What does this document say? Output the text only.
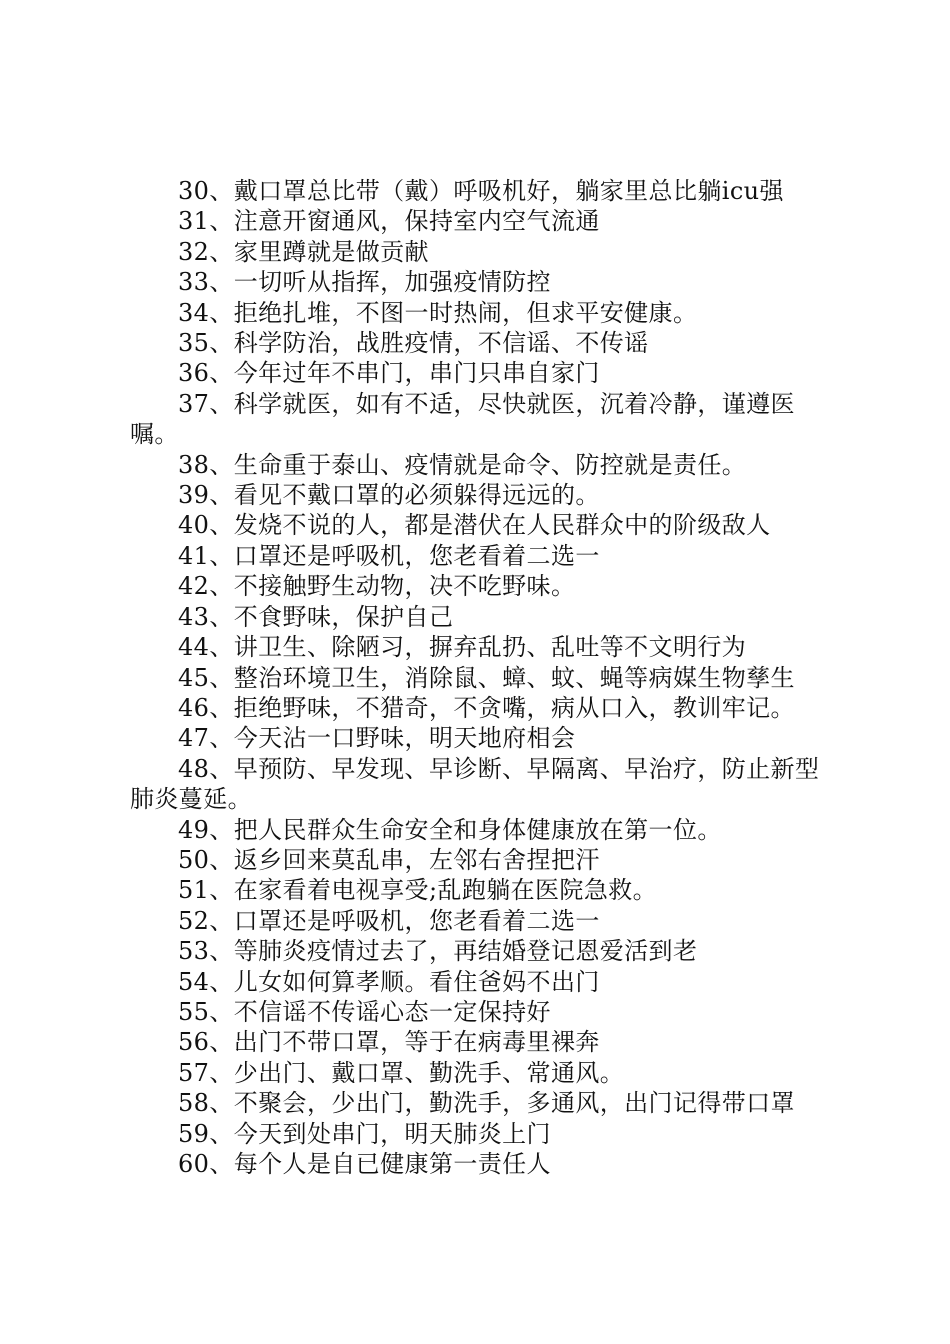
30、戴口罩总比带（戴）呼吸机好，躺家里总比躺icu强

31、注意开窗通风，保持室内空气流通

32、家里蹲就是做贡献

33、一切听从指挥，加强疫情防控

34、拒绝扎堆，不图一时热闹，但求平安健康。

35、科学防治，战胜疫情，不信谣、不传谣

36、今年过年不串门，串门只串自家门

37、科学就医，如有不适，尽快就医，沉着冷静，谨遵医嘱。

38、生命重于泰山、疫情就是命令、防控就是责任。

39、看见不戴口罩的必须躲得远远的。

40、发烧不说的人，都是潜伏在人民群众中的阶级敌人

41、口罩还是呼吸机，您老看着二选一

42、不接触野生动物，决不吃野味。

43、不食野味，保护自己

44、讲卫生、除陋习，摒弃乱扔、乱吐等不文明行为

45、整治环境卫生，消除鼠、蟑、蚊、蝇等病媒生物孳生

46、拒绝野味，不猎奇，不贪嘴，病从口入，教训牢记。

47、今天沾一口野味，明天地府相会

48、早预防、早发现、早诊断、早隔离、早治疗，防止新型肺炎蔓延。

49、把人民群众生命安全和身体健康放在第一位。

50、返乡回来莫乱串，左邻右舍捏把汗

51、在家看着电视享受;乱跑躺在医院急救。

52、口罩还是呼吸机，您老看着二选一

53、等肺炎疫情过去了，再结婚登记恩爱活到老

54、儿女如何算孝顺。看住爸妈不出门

55、不信谣不传谣心态一定保持好

56、出门不带口罩，等于在病毒里裸奔

57、少出门、戴口罩、勤洗手、常通风。

58、不聚会，少出门，勤洗手，多通风，出门记得带口罩

59、今天到处串门，明天肺炎上门

60、每个人是自已健康第一责任人
